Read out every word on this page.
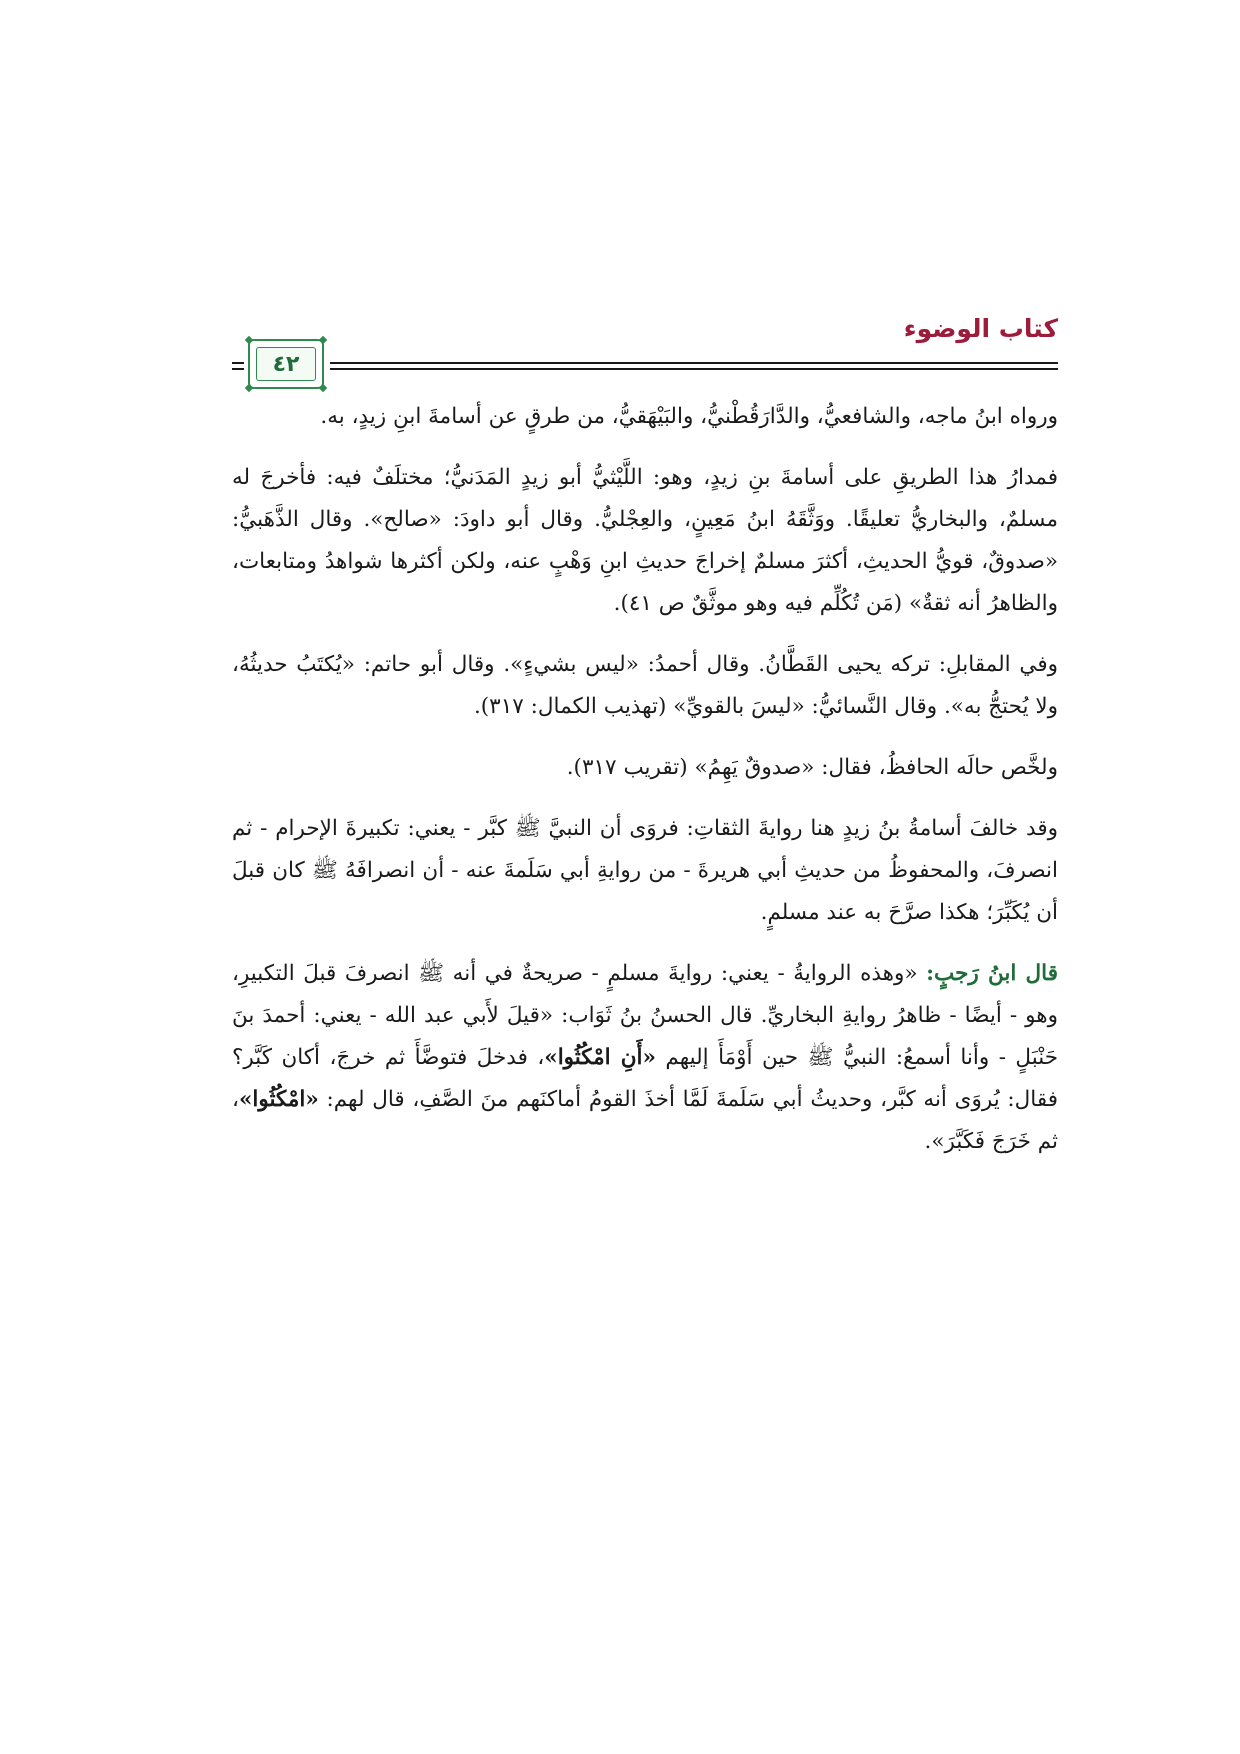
كتاب الوضوء
٤٢

ورواه ابنُ ماجه، والشافعيُّ، والدَّارَقُطْنيُّ، والبَيْهَقيُّ، من طرقٍ عن أسامةَ ابنِ زيدٍ، به.

فمدارُ هذا الطريقِ على أسامةَ بنِ زيدٍ، وهو: اللَّيْثيُّ أبو زيدٍ المَدَنيُّ؛ مختلَفٌ فيه: فأخرجَ له مسلمٌ، والبخاريُّ تعليقًا. ووَثَّقَهُ ابنُ مَعِينٍ، والعِجْليُّ. وقال أبو داودَ: «صالح». وقال الذَّهَبيُّ: «صدوقٌ، قويُّ الحديثِ، أكثرَ مسلمٌ إخراجَ حديثِ ابنِ وَهْبٍ عنه، ولكن أكثرها شواهدُ ومتابعات، والظاهرُ أنه ثقةٌ» (مَن تُكُلِّم فيه وهو موثَّقٌ ص ٤١).

وفي المقابلِ: تركه يحيى القَطَّانُ. وقال أحمدُ: «ليس بشيءٍ». وقال أبو حاتم: «يُكتَبُ حديثُهُ، ولا يُحتجُّ به». وقال النَّسائيُّ: «ليسَ بالقويِّ» (تهذيب الكمال: ٣١٧).

ولخَّص حالَه الحافظُ، فقال: «صدوقٌ يَهِمُ» (تقريب ٣١٧).

وقد خالفَ أسامةُ بنُ زيدٍ هنا روايةَ الثقاتِ: فروَى أن النبيَّ ﷺ كبَّر - يعني: تكبيرةَ الإحرام - ثم انصرفَ، والمحفوظُ من حديثِ أبي هريرةَ - من روايةِ أبي سَلَمةَ عنه - أن انصرافَهُ ﷺ كان قبلَ أن يُكَبِّرَ؛ هكذا صرَّحَ به عند مسلمٍ.

قال ابنُ رَجبٍ: «وهذه الروايةُ - يعني: روايةَ مسلمٍ - صريحةٌ في أنه ﷺ انصرفَ قبلَ التكبيرِ، وهو - أيضًا - ظاهرُ روايةِ البخاريِّ. قال الحسنُ بنُ ثَوَاب: «قيلَ لأَبي عبد الله - يعني: أحمدَ بنَ حَنْبَلٍ - وأنا أسمعُ: النبيُّ ﷺ حين أَوْمَأَ إليهم «أَنِ امْكُثُوا»، فدخلَ فتوضَّأَ ثم خرجَ، أكان كَبَّر؟ فقال: يُروَى أنه كبَّر، وحديثُ أبي سَلَمةَ لَمَّا أخذَ القومُ أماكنَهم منَ الصَّفِ، قال لهم: «امْكُثُوا»، ثم خَرَجَ فَكَبَّرَ».
